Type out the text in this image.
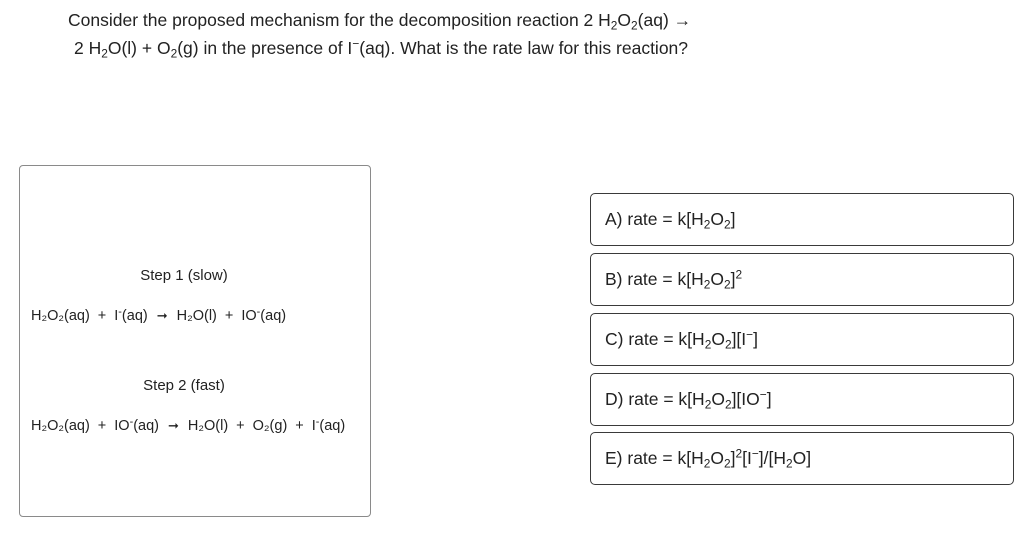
Consider the proposed mechanism for the decomposition reaction 2 $H_2O_2(aq)$ →
2 $H_2O(l) + O_2(g)$ in the presence of I−(aq). What is the rate law for this reaction?
Step 1 (slow)
H₂O₂(aq) + I-(aq) ➞ H₂O(l) + IO-(aq)
Step 2 (fast)
H₂O₂(aq) + IO-(aq) ➞ H₂O(l) + O₂(g) + I-(aq)
A) rate = $k[H_2O_2]$
B) rate = $k[H_2O_2]^2$
C) rate = $k[H_2O_2][I^-]$
D) rate = $k[H_2O_2][IO^-]$
E) rate = $k[H_2O_2]^2[I^-]/[H_2O]$
